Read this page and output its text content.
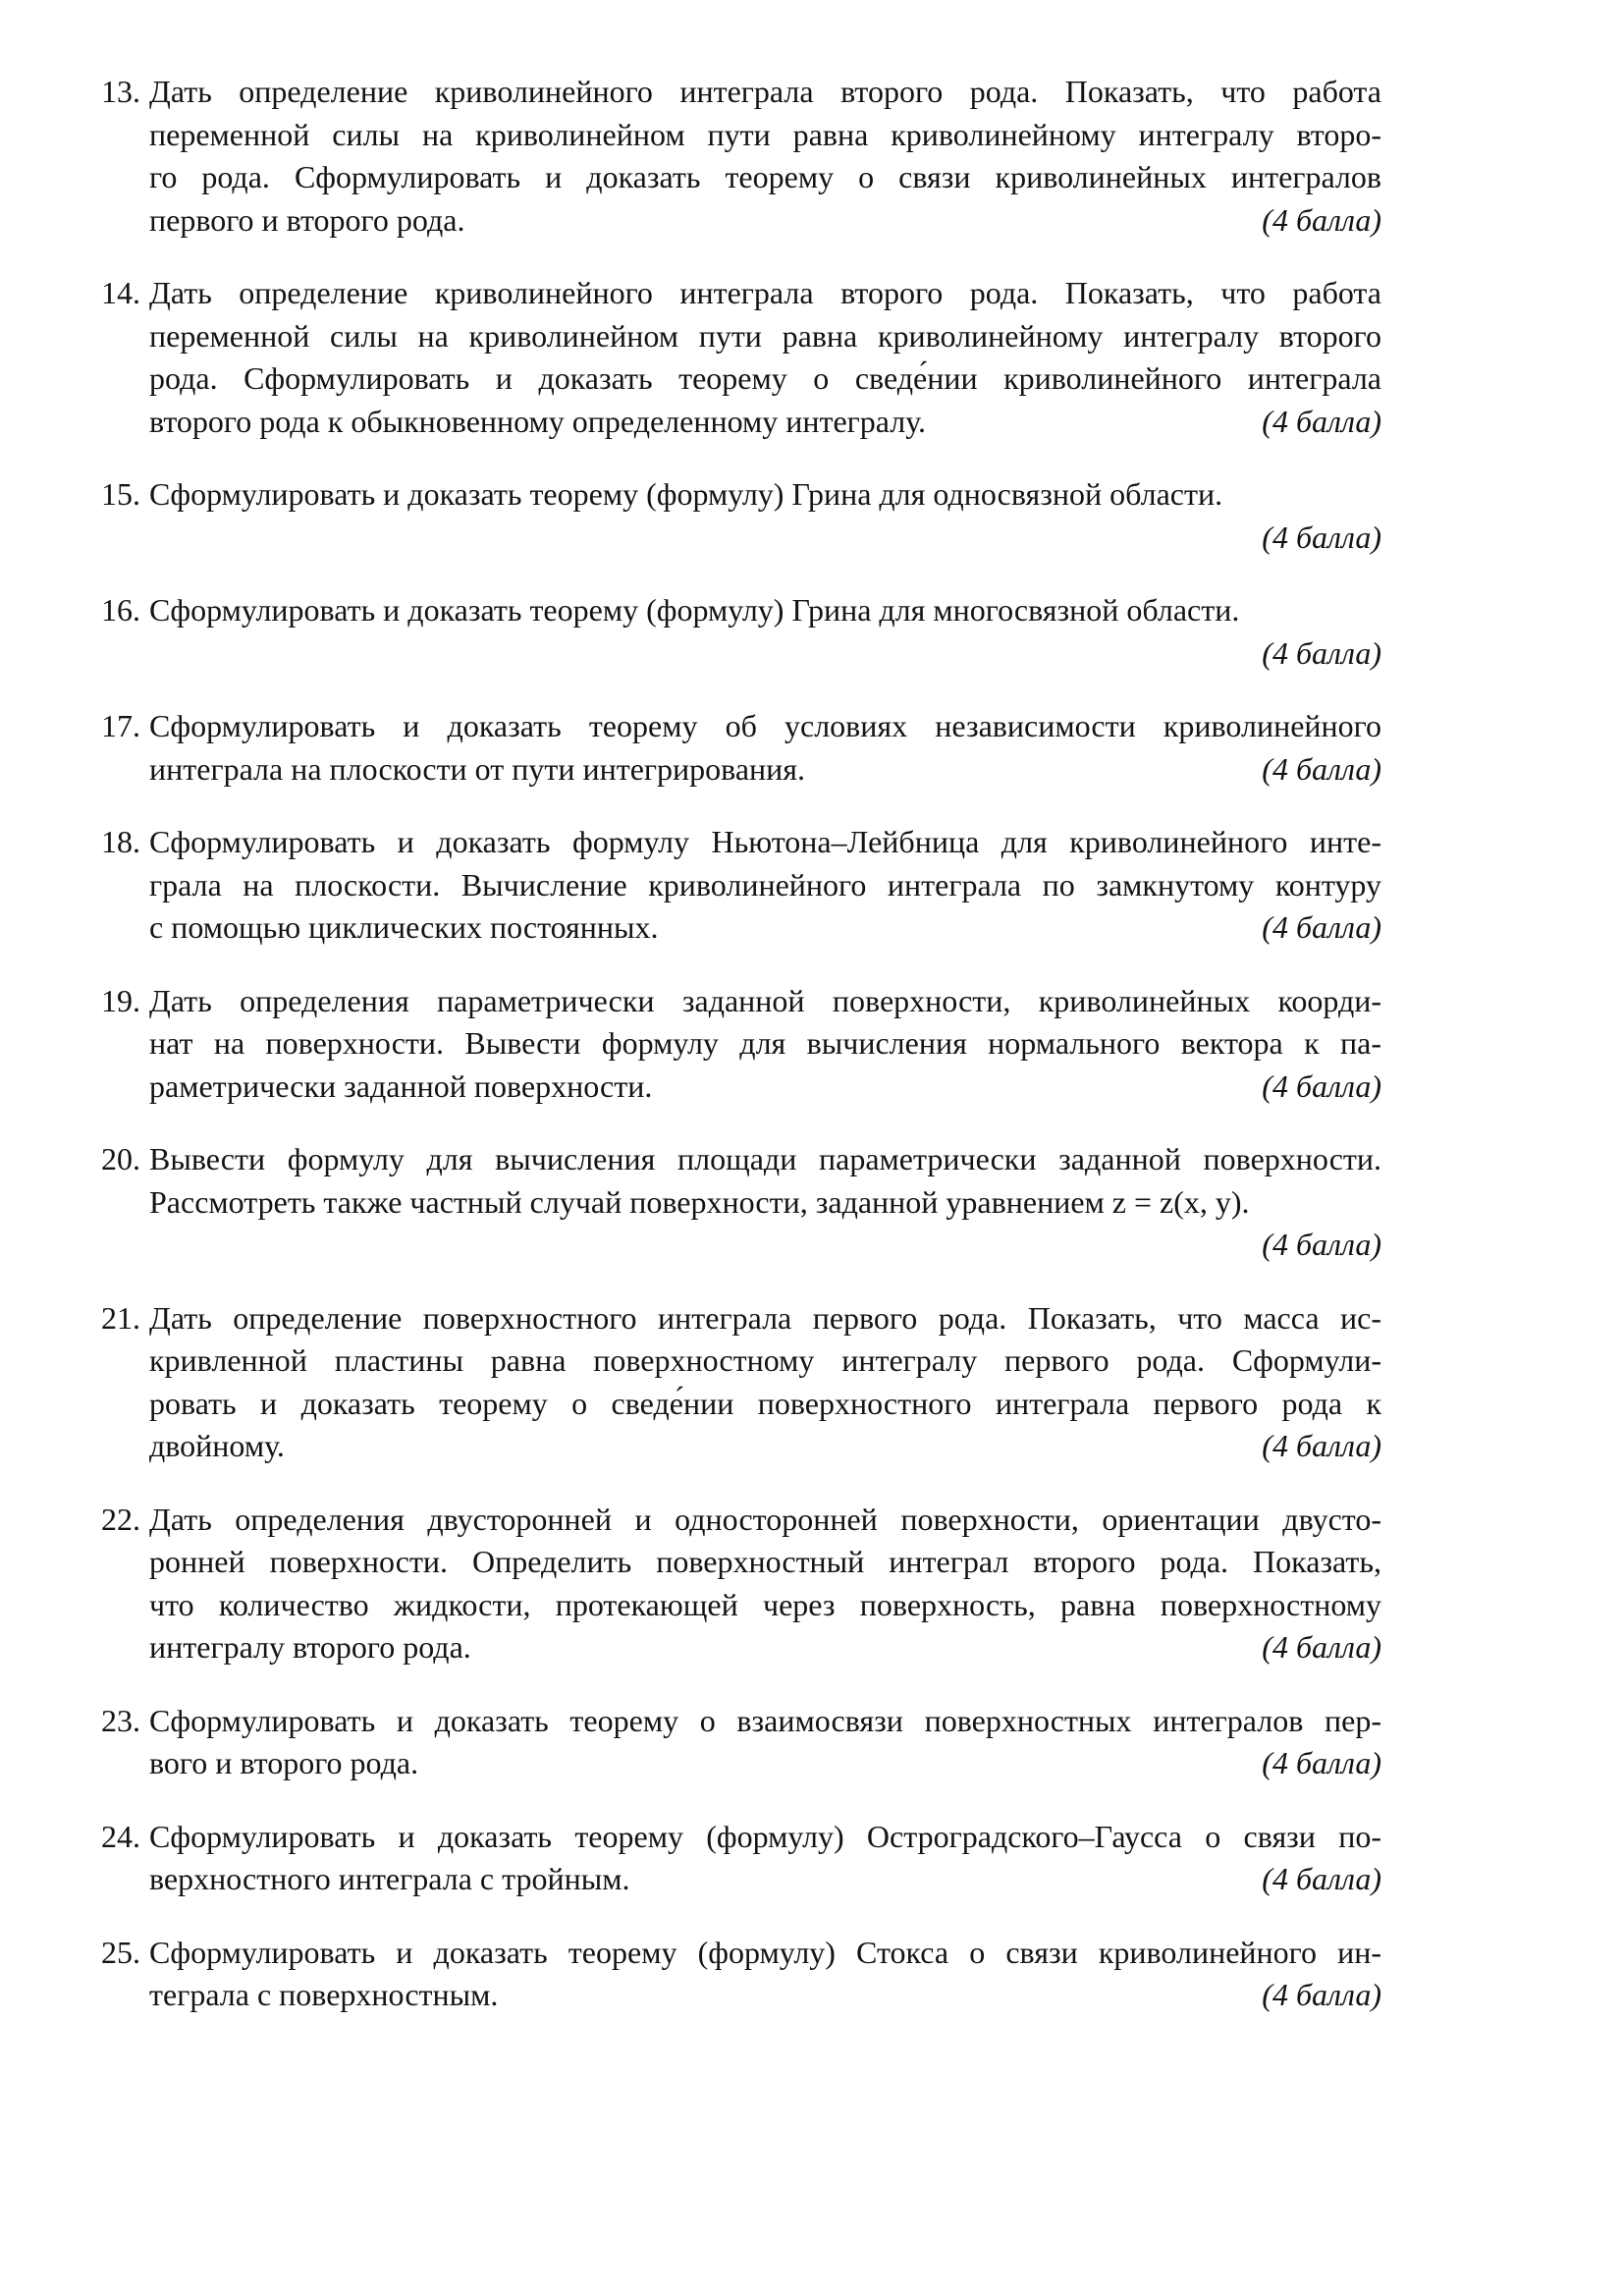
13. Дать определение криволинейного интеграла второго рода. Показать, что работа
переменной силы на криволинейном пути равна криволинейному интегралу второ-
го рода. Сформулировать и доказать теорему о связи криволинейных интегралов
первого и второго рода.	(4 балла)
14. Дать определение криволинейного интеграла второго рода. Показать, что работа
переменной силы на криволинейном пути равна криволинейному интегралу второго
рода. Сформулировать и доказать теорему о сведе́нии криволинейного интеграла
второго рода к обыкновенному определенному интегралу.	(4 балла)
15. Сформулировать и доказать теорему (формулу) Грина для односвязной области.
(4 балла)
16. Сформулировать и доказать теорему (формулу) Грина для многосвязной области.
(4 балла)
17. Сформулировать и доказать теорему об условиях независимости криволинейного
интеграла на плоскости от пути интегрирования.	(4 балла)
18. Сформулировать и доказать формулу Ньютона–Лейбница для криволинейного инте-
грала на плоскости. Вычисление криволинейного интеграла по замкнутому контуру
с помощью циклических постоянных.	(4 балла)
19. Дать определения параметрически заданной поверхности, криволинейных коорди-
нат на поверхности. Вывести формулу для вычисления нормального вектора к па-
раметрически заданной поверхности.	(4 балла)
20. Вывести формулу для вычисления площади параметрически заданной поверхности.
Рассмотреть также частный случай поверхности, заданной уравнением z = z(x, y).
(4 балла)
21. Дать определение поверхностного интеграла первого рода. Показать, что масса ис-
кривленной пластины равна поверхностному интегралу первого рода. Сформули-
ровать и доказать теорему о сведе́нии поверхностного интеграла первого рода к
двойному.	(4 балла)
22. Дать определения двусторонней и односторонней поверхности, ориентации двусто-
ронней поверхности. Определить поверхностный интеграл второго рода. Показать,
что количество жидкости, протекающей через поверхность, равна поверхностному
интегралу второго рода.	(4 балла)
23. Сформулировать и доказать теорему о взаимосвязи поверхностных интегралов пер-
вого и второго рода.	(4 балла)
24. Сформулировать и доказать теорему (формулу) Остроградского–Гаусса о связи по-
верхностного интеграла с тройным.	(4 балла)
25. Сформулировать и доказать теорему (формулу) Стокса о связи криволинейного ин-
теграла с поверхностным.	(4 балла)
